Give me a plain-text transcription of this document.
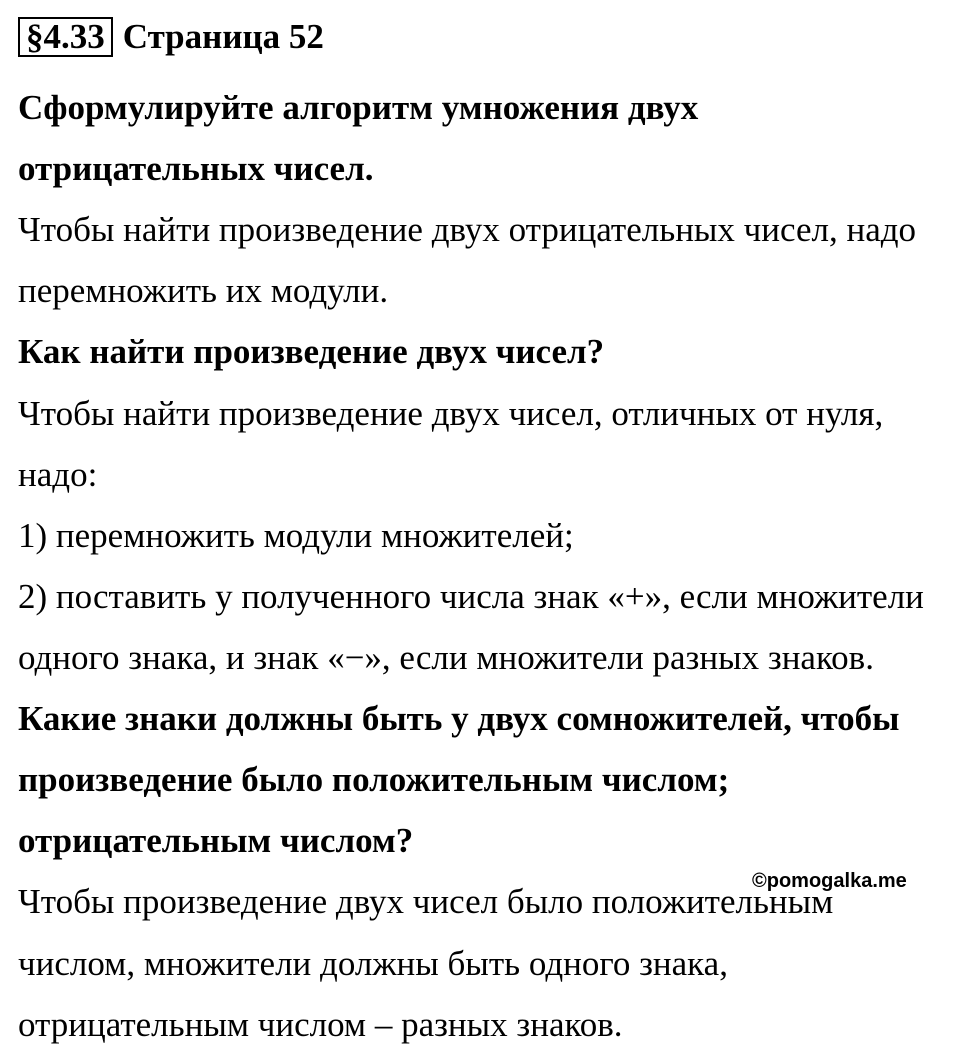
§4.33 Страница 52
Сформулируйте алгоритм умножения двух
отрицательных чисел.
Чтобы найти произведение двух отрицательных чисел, надо
перемножить их модули.
Как найти произведение двух чисел?
Чтобы найти произведение двух чисел, отличных от нуля,
надо:
1) перемножить модули множителей;
2) поставить у полученного числа знак «+», если множители
одного знака, и знак «−», если множители разных знаков.
Какие знаки должны быть у двух сомножителей, чтобы
произведение было положительным числом;
отрицательным числом?
Чтобы произведение двух чисел было положительным
числом, множители должны быть одного знака,
отрицательным числом – разных знаков.
©pomogalka.me
